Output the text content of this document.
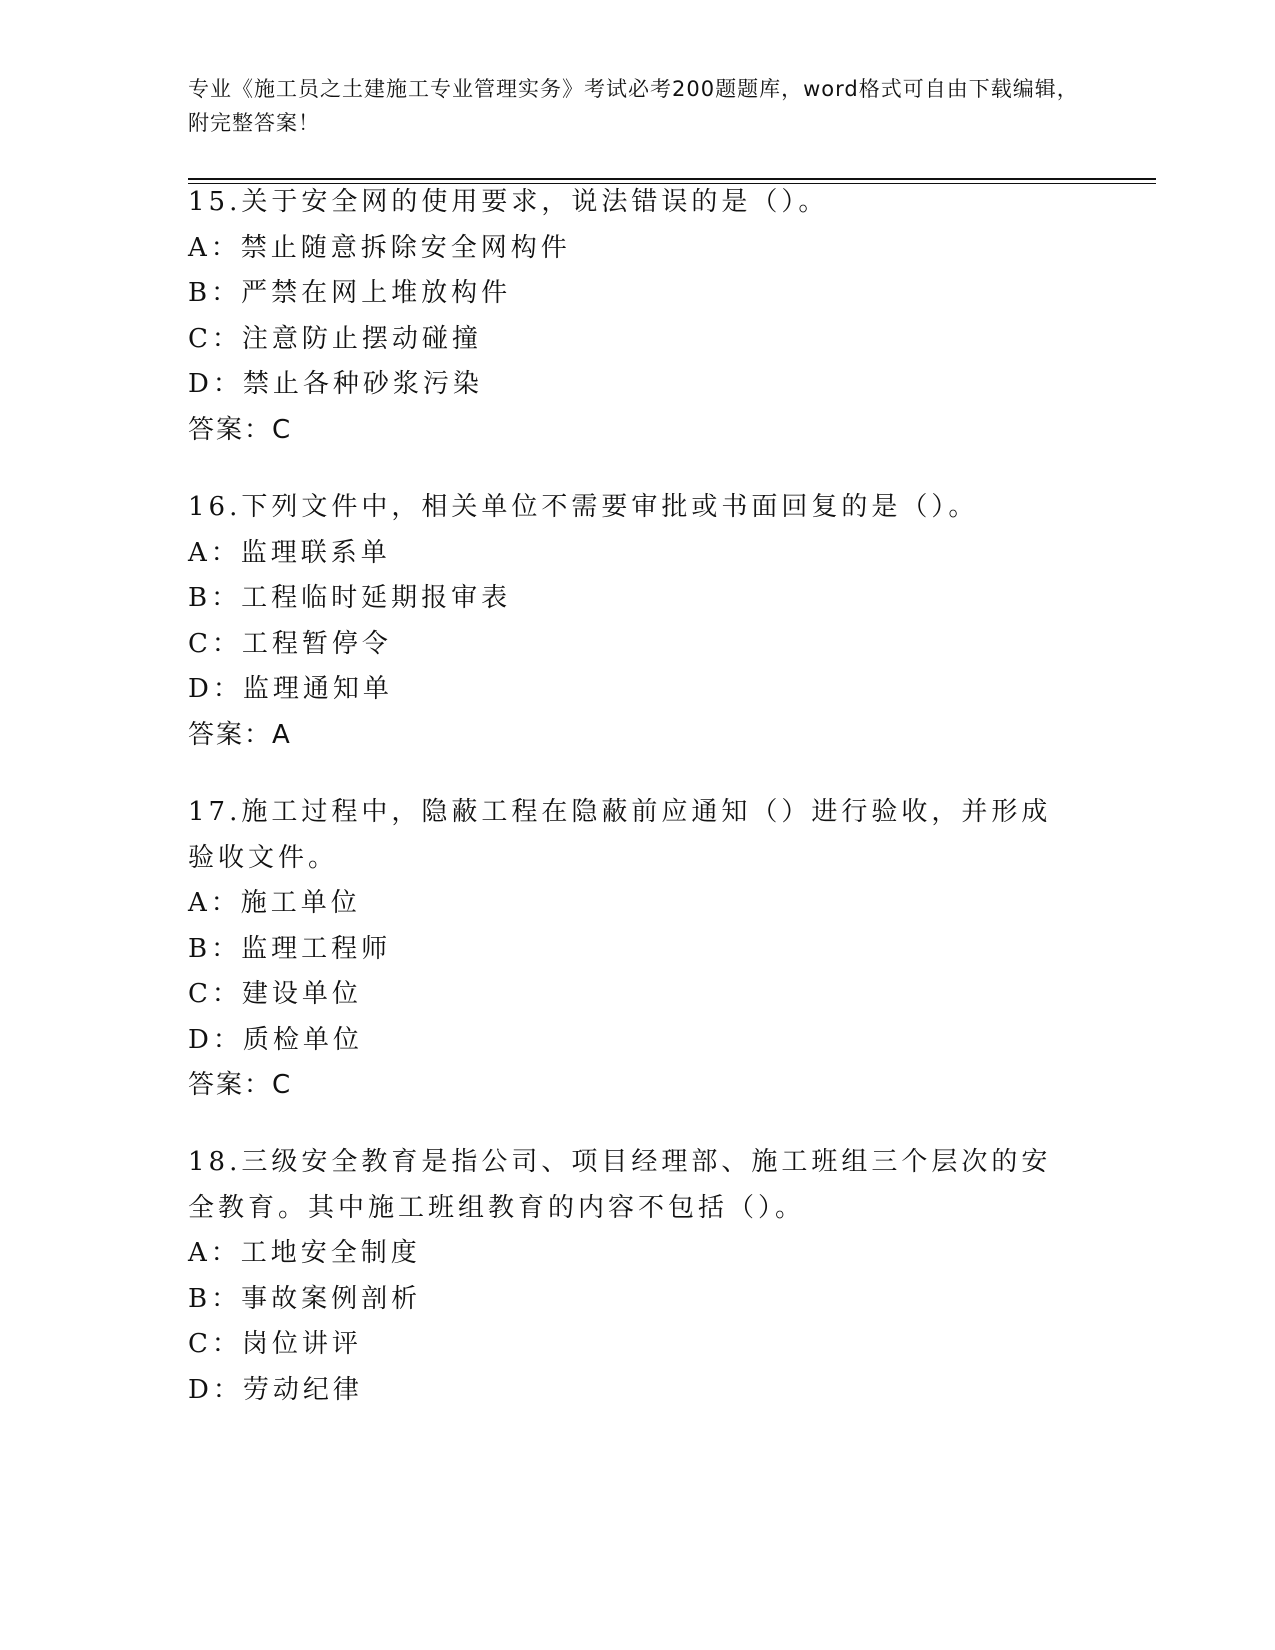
专业《施工员之土建施工专业管理实务》考试必考200题题库，word格式可自由下载编辑，附完整答案！
15.关于安全网的使用要求，说法错误的是（）。
A：禁止随意拆除安全网构件
B：严禁在网上堆放构件
C：注意防止摆动碰撞
D：禁止各种砂浆污染
答案：C
16.下列文件中，相关单位不需要审批或书面回复的是（）。
A：监理联系单
B：工程临时延期报审表
C：工程暂停令
D：监理通知单
答案：A
17.施工过程中，隐蔽工程在隐蔽前应通知（）进行验收，并形成验收文件。
A：施工单位
B：监理工程师
C：建设单位
D：质检单位
答案：C
18.三级安全教育是指公司、项目经理部、施工班组三个层次的安全教育。其中施工班组教育的内容不包括（）。
A：工地安全制度
B：事故案例剖析
C：岗位讲评
D：劳动纪律
